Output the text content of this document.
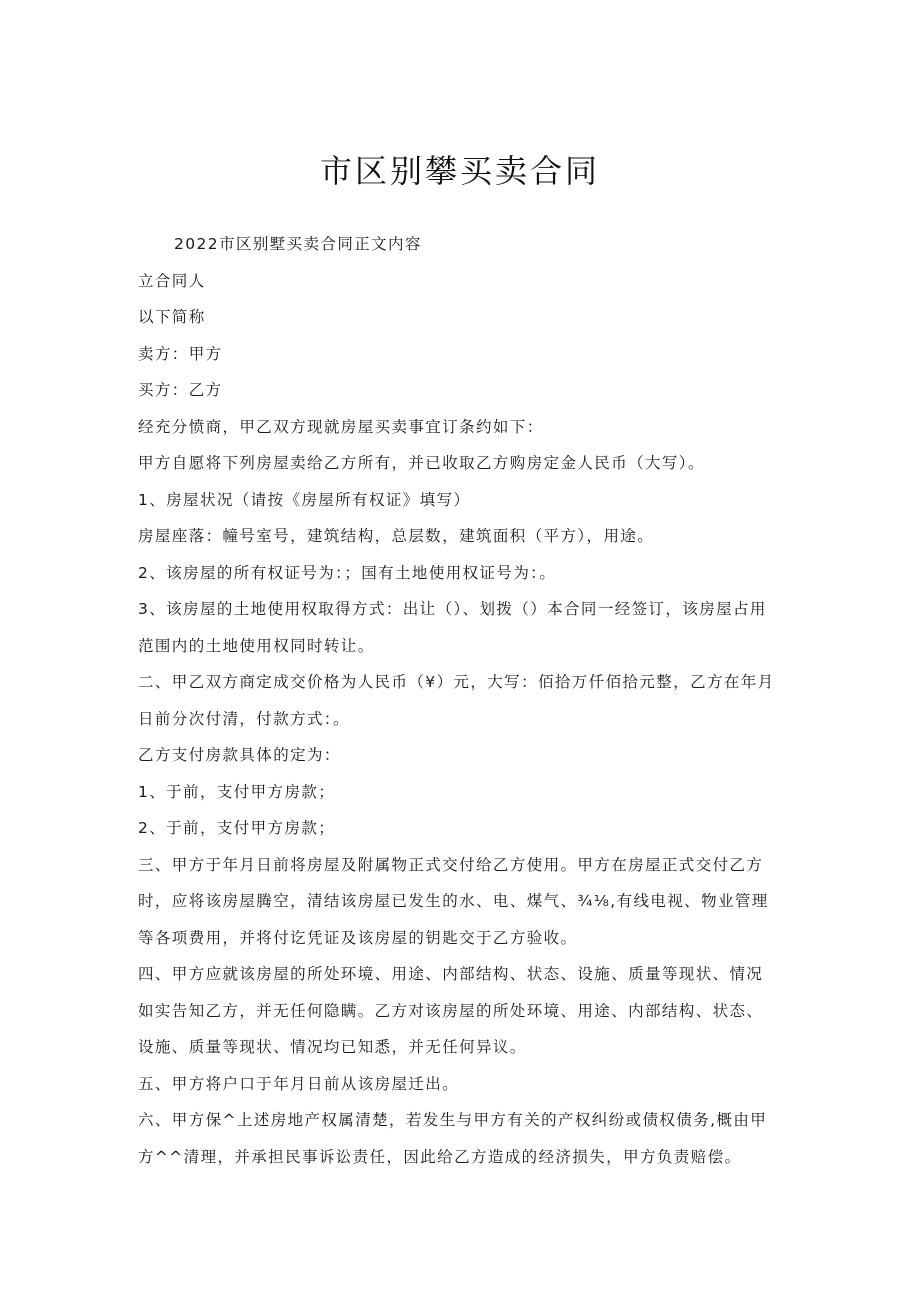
市区别攀买卖合同
2022市区别墅买卖合同正文内容
立合同人
以下简称
卖方：甲方
买方：乙方
经充分愤商，甲乙双方现就房屋买卖事宜订条约如下：
甲方自愿将下列房屋卖给乙方所有，并已收取乙方购房定金人民币（大写）。
1、房屋状况（请按《房屋所有权证》填写）
房屋座落：幢号室号，建筑结构，总层数，建筑面积（平方），用途。
2、该房屋的所有权证号为：；国有土地使用权证号为：。
3、该房屋的土地使用权取得方式：出让（）、划拨（）本合同一经签订，该房屋占用
范围内的土地使用权同时转让。
二、甲乙双方商定成交价格为人民币（¥）元，大写：佰拾万仟佰拾元整，乙方在年月
日前分次付清，付款方式：。
乙方支付房款具体的定为：
1、于前，支付甲方房款；
2、于前，支付甲方房款；
三、甲方于年月日前将房屋及附属物正式交付给乙方使用。甲方在房屋正式交付乙方
时，应将该房屋腾空，清结该房屋已发生的水、电、煤气、¾⅛,有线电视、物业管理
等各项费用，并将付讫凭证及该房屋的钥匙交于乙方验收。
四、甲方应就该房屋的所处环境、用途、内部结构、状态、设施、质量等现状、情况
如实告知乙方，并无任何隐瞒。乙方对该房屋的所处环境、用途、内部结构、状态、
设施、质量等现状、情况均已知悉，并无任何异议。
五、甲方将户口于年月日前从该房屋迁出。
六、甲方保^上述房地产权属清楚，若发生与甲方有关的产权纠纷或债权债务,概由甲
方^^清理，并承担民事诉讼责任，因此给乙方造成的经济损失，甲方负责赔偿。
